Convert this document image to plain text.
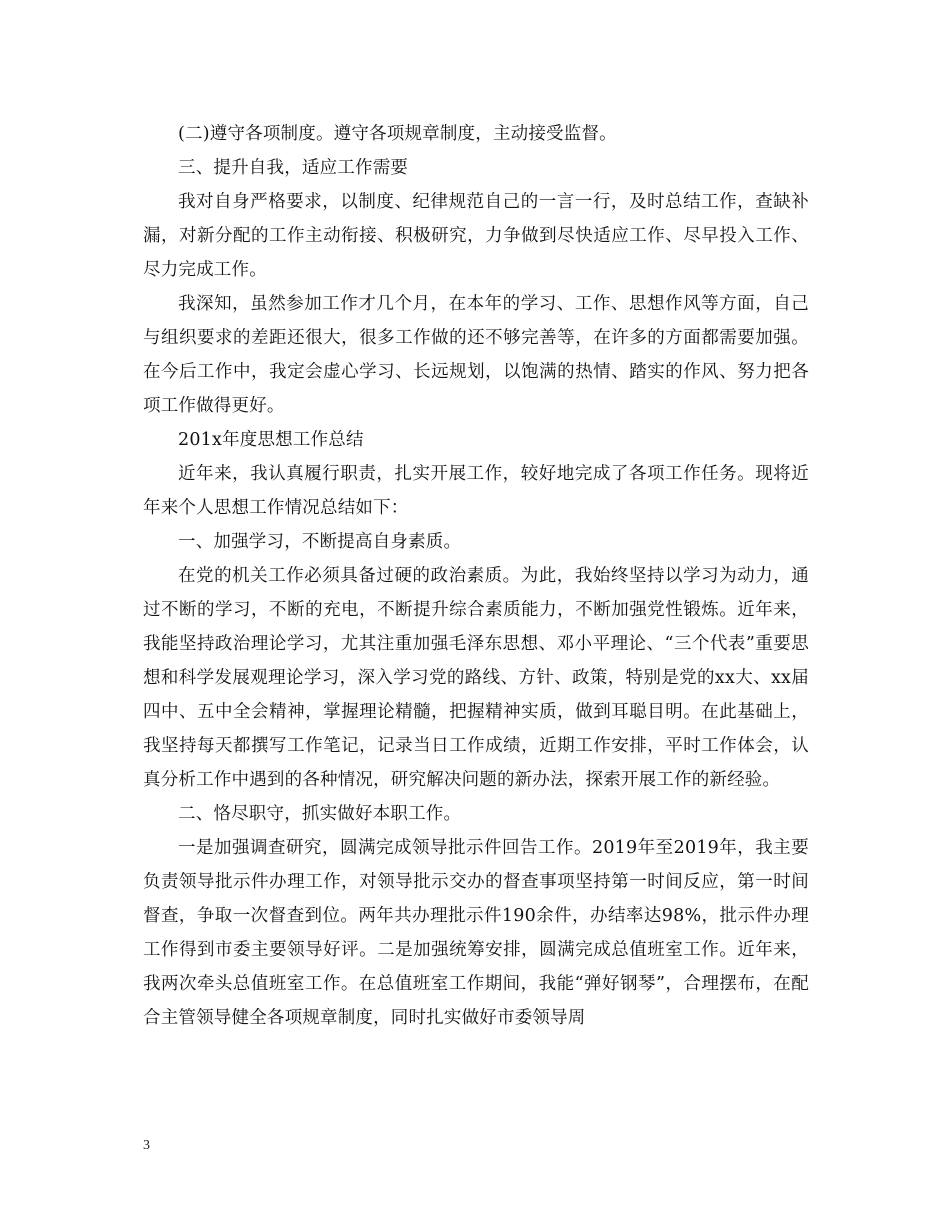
(二)遵守各项制度。遵守各项规章制度，主动接受监督。

三、提升自我，适应工作需要

我对自身严格要求，以制度、纪律规范自己的一言一行，及时总结工作，查缺补漏，对新分配的工作主动衔接、积极研究，力争做到尽快适应工作、尽早投入工作、尽力完成工作。

我深知，虽然参加工作才几个月，在本年的学习、工作、思想作风等方面，自己与组织要求的差距还很大，很多工作做的还不够完善等，在许多的方面都需要加强。在今后工作中，我定会虚心学习、长远规划，以饱满的热情、踏实的作风、努力把各项工作做得更好。

201x年度思想工作总结

近年来，我认真履行职责，扎实开展工作，较好地完成了各项工作任务。现将近年来个人思想工作情况总结如下：

一、加强学习，不断提高自身素质。

在党的机关工作必须具备过硬的政治素质。为此，我始终坚持以学习为动力，通过不断的学习，不断的充电，不断提升综合素质能力，不断加强党性锻炼。近年来，我能坚持政治理论学习，尤其注重加强毛泽东思想、邓小平理论、“三个代表”重要思想和科学发展观理论学习，深入学习党的路线、方针、政策，特别是党的xx大、xx届四中、五中全会精神，掌握理论精髓，把握精神实质，做到耳聪目明。在此基础上，我坚持每天都撰写工作笔记，记录当日工作成绩，近期工作安排，平时工作体会，认真分析工作中遇到的各种情况，研究解决问题的新办法，探索开展工作的新经验。

二、恪尽职守，抓实做好本职工作。

一是加强调查研究，圆满完成领导批示件回告工作。2019年至2019年，我主要负责领导批示件办理工作，对领导批示交办的督查事项坚持第一时间反应，第一时间督查，争取一次督查到位。两年共办理批示件190余件，办结率达98%，批示件办理工作得到市委主要领导好评。二是加强统筹安排，圆满完成总值班室工作。近年来，我两次牵头总值班室工作。在总值班室工作期间，我能“弹好钢琴”，合理摆布，在配合主管领导健全各项规章制度，同时扎实做好市委领导周

3
